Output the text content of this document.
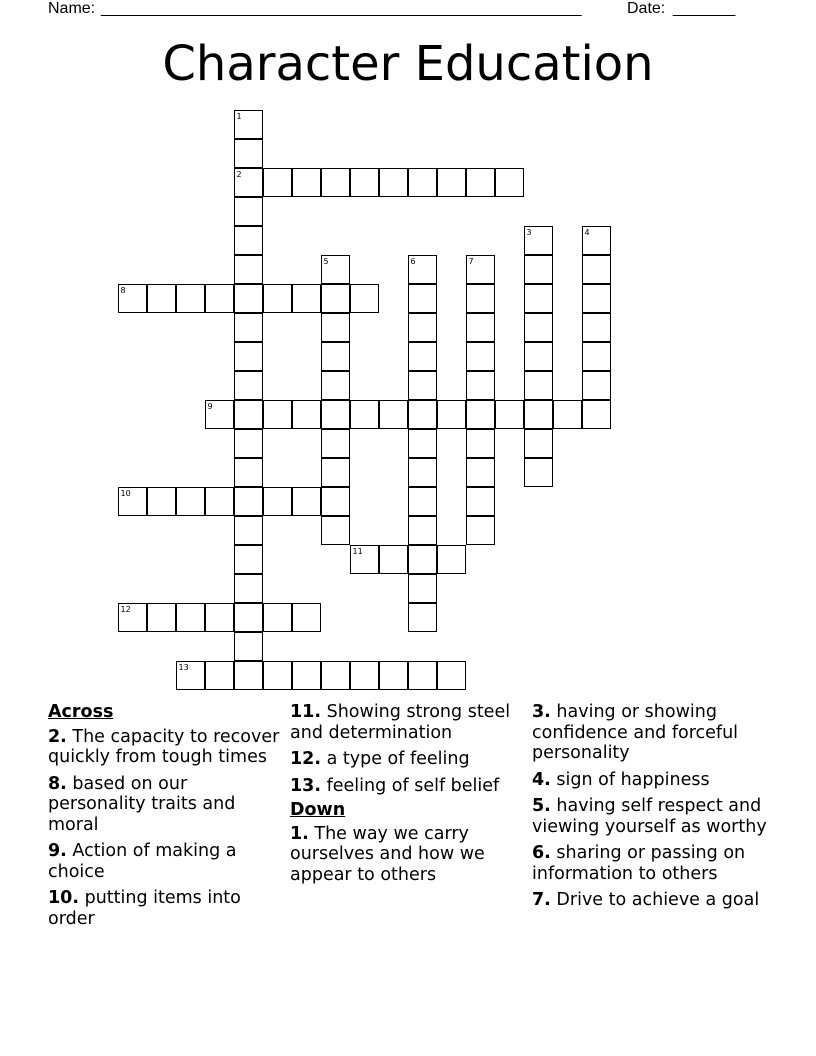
Name: ______________________________________________________	Date: _______
Character Education
1
2
3	4
5	6	7
8
9
10
11
12
13

Across

2. The capacity to recover quickly from tough times

8. based on our personality traits and moral

9. Action of making a choice

10. putting items into order

11. Showing strong steel and determination

12. a type of feeling

13. feeling of self belief

Down

1. The way we carry ourselves and how we appear to others

3. having or showing confidence and forceful personality

4. sign of happiness

5. having self respect and viewing yourself as worthy

6. sharing or passing on information to others

7. Drive to achieve a goal
